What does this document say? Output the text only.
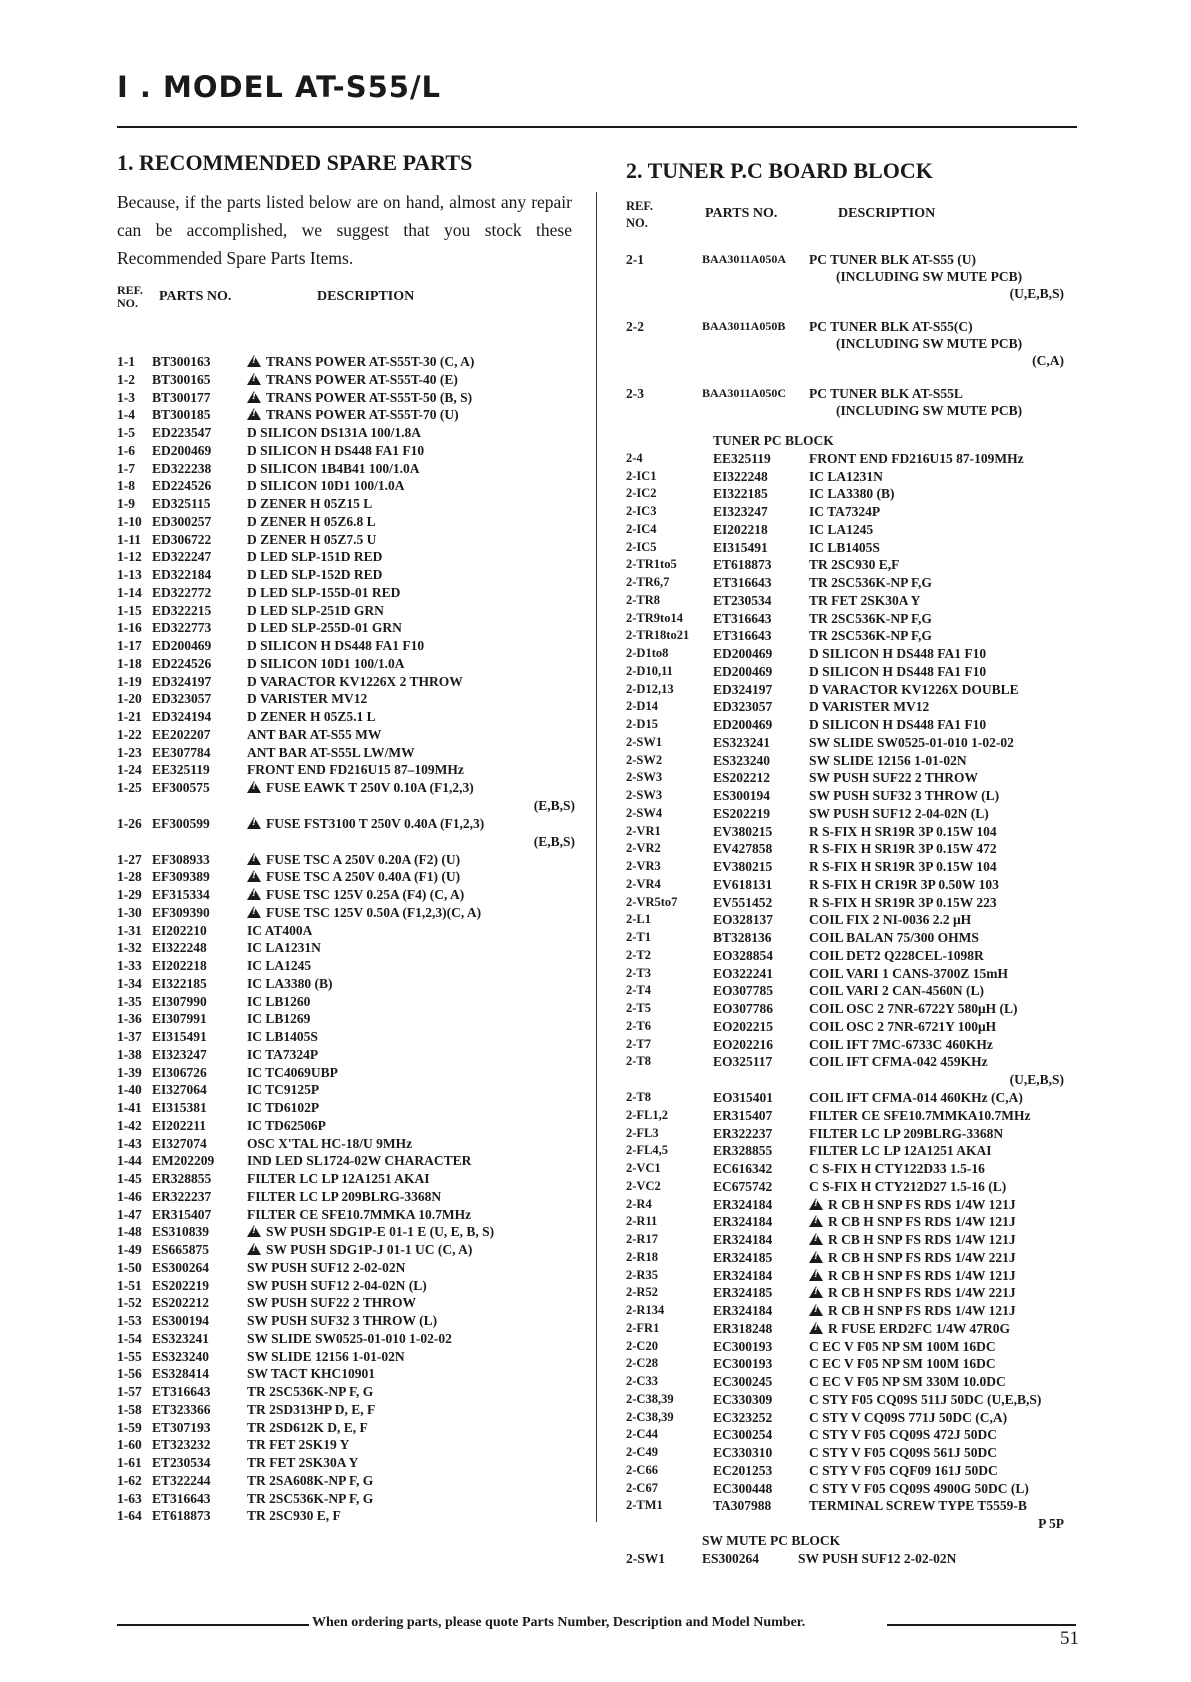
I . MODEL AT-S55/L
1. RECOMMENDED SPARE PARTS

Because, if the parts listed below are on hand, almost any repair can be accomplished, we suggest that you stock these Recommended Spare Parts Items.

REF.
NO. PARTS NO.	DESCRIPTION
1-1 BT300163 !	TRANS POWER AT-S55T-30 (C, A)
1-2 BT300165 !	TRANS POWER AT-S55T-40 (E)
1-3 BT300177 !	TRANS POWER AT-S55T-50 (B, S)
1-4 BT300185 !	TRANS POWER AT-S55T-70 (U)
1-5 ED223547	D SILICON DS131A 100/1.8A
1-6 ED200469	D SILICON H DS448 FA1 F10
1-7 ED322238	D SILICON 1B4B41 100/1.0A
1-8 ED224526	D SILICON 10D1 100/1.0A
1-9 ED325115	D ZENER H 05Z15 L
1-10 ED300257	D ZENER H 05Z6.8 L
1-11 ED306722	D ZENER H 05Z7.5 U
1-12 ED322247	D LED SLP-151D RED
1-13 ED322184	D LED SLP-152D RED
1-14 ED322772	D LED SLP-155D-01 RED
1-15 ED322215	D LED SLP-251D GRN
1-16 ED322773	D LED SLP-255D-01 GRN
1-17 ED200469	D SILICON H DS448 FA1 F10
1-18 ED224526	D SILICON 10D1 100/1.0A
1-19 ED324197	D VARACTOR KV1226X 2 THROW
1-20 ED323057	D VARISTER MV12
1-21 ED324194	D ZENER H 05Z5.1 L
1-22 EE202207	ANT BAR AT-S55 MW
1-23 EE307784	ANT BAR AT-S55L LW/MW
1-24 EE325119	FRONT END FD216U15 87–109MHz
1-25 EF300575 !	FUSE EAWK T 250V 0.10A (F1,2,3)
(E,B,S)
1-26 EF300599 !	FUSE FST3100 T 250V 0.40A (F1,2,3)
(E,B,S)
1-27 EF308933 !	FUSE TSC A 250V 0.20A (F2) (U)
1-28 EF309389 !	FUSE TSC A 250V 0.40A (F1) (U)
1-29 EF315334 !	FUSE TSC 125V 0.25A (F4) (C, A)
1-30 EF309390 !	FUSE TSC 125V 0.50A (F1,2,3)(C, A)
1-31 EI202210	IC AT400A
1-32 EI322248	IC LA1231N
1-33 EI202218	IC LA1245
1-34 EI322185	IC LA3380 (B)
1-35 EI307990	IC LB1260
1-36 EI307991	IC LB1269
1-37 EI315491	IC LB1405S
1-38 EI323247	IC TA7324P
1-39 EI306726	IC TC4069UBP
1-40 EI327064	IC TC9125P
1-41 EI315381	IC TD6102P
1-42 EI202211	IC TD62506P
1-43 EI327074	OSC X'TAL HC-18/U 9MHz
1-44 EM202209 IND LED SL1724-02W CHARACTER
1-45 ER328855	FILTER LC LP 12A1251 AKAI
1-46 ER322237	FILTER LC LP 209BLRG-3368N
1-47 ER315407	FILTER CE SFE10.7MMKA 10.7MHz
1-48 ES310839 !	SW PUSH SDG1P-E 01-1 E (U, E, B, S)
1-49 ES665875 !	SW PUSH SDG1P-J 01-1 UC (C, A)
1-50 ES300264	SW PUSH SUF12 2-02-02N
1-51 ES202219	SW PUSH SUF12 2-04-02N (L)
1-52 ES202212	SW PUSH SUF22 2 THROW
1-53 ES300194	SW PUSH SUF32 3 THROW (L)
1-54 ES323241	SW SLIDE SW0525-01-010 1-02-02
1-55 ES323240	SW SLIDE 12156 1-01-02N
1-56 ES328414	SW TACT KHC10901
1-57 ET316643	TR 2SC536K-NP F, G
1-58 ET323366	TR 2SD313HP D, E, F
1-59 ET307193	TR 2SD612K D, E, F
1-60 ET323232	TR FET 2SK19 Y
1-61 ET230534	TR FET 2SK30A Y
1-62 ET322244	TR 2SA608K-NP F, G
1-63 ET316643	TR 2SC536K-NP F, G
1-64 ET618873	TR 2SC930 E, F
2. TUNER P.C BOARD BLOCK
REF.
NO.
PARTS NO.	DESCRIPTION
2-1	BAA3011A050A PC TUNER BLK AT-S55 (U)
(INCLUDING SW MUTE PCB)
(U,E,B,S)
2-2	BAA3011A050B PC TUNER BLK AT-S55(C)
(INCLUDING SW MUTE PCB)
(C,A)
2-3	BAA3011A050C PC TUNER BLK AT-S55L
(INCLUDING SW MUTE PCB)
TUNER PC BLOCK
2-4	EE325119	FRONT END FD216U15 87-109MHz
2-IC1	EI322248	IC LA1231N
2-IC2	EI322185	IC LA3380 (B)
2-IC3	EI323247	IC TA7324P
2-IC4	EI202218	IC LA1245
2-IC5	EI315491	IC LB1405S
2-TR1to5	ET618873	TR 2SC930 E,F
2-TR6,7	ET316643	TR 2SC536K-NP F,G
2-TR8	ET230534	TR FET 2SK30A Y
2-TR9to14 ET316643	TR 2SC536K-NP F,G
2-TR18to21 ET316643	TR 2SC536K-NP F,G
2-D1to8	ED200469	D SILICON H DS448 FA1 F10
2-D10,11	ED200469	D SILICON H DS448 FA1 F10
2-D12,13	ED324197	D VARACTOR KV1226X DOUBLE
2-D14	ED323057	D VARISTER MV12
2-D15	ED200469	D SILICON H DS448 FA1 F10
2-SW1	ES323241	SW SLIDE SW0525-01-010 1-02-02
2-SW2	ES323240	SW SLIDE 12156 1-01-02N
2-SW3	ES202212	SW PUSH SUF22 2 THROW
2-SW3	ES300194	SW PUSH SUF32 3 THROW (L)
2-SW4	ES202219	SW PUSH SUF12 2-04-02N (L)
2-VR1	EV380215	R S-FIX H SR19R 3P 0.15W 104
2-VR2	EV427858	R S-FIX H SR19R 3P 0.15W 472
2-VR3	EV380215	R S-FIX H SR19R 3P 0.15W 104
2-VR4	EV618131	R S-FIX H CR19R 3P 0.50W 103
2-VR5to7	EV551452	R S-FIX H SR19R 3P 0.15W 223
2-L1	EO328137	COIL FIX 2 NI-0036 2.2 μH
2-T1	BT328136	COIL BALAN 75/300 OHMS
2-T2	EO328854	COIL DET2 Q228CEL-1098R
2-T3	EO322241	COIL VARI 1 CANS-3700Z 15mH
2-T4	EO307785	COIL VARI 2 CAN-4560N (L)
2-T5	EO307786	COIL OSC 2 7NR-6722Y 580μH (L)
2-T6	EO202215	COIL OSC 2 7NR-6721Y 100μH
2-T7	EO202216	COIL IFT 7MC-6733C 460KHz
2-T8	EO325117	COIL IFT CFMA-042 459KHz
(U,E,B,S)
2-T8	EO315401	COIL IFT CFMA-014 460KHz (C,A)
2-FL1,2	ER315407	FILTER CE SFE10.7MMKA10.7MHz
2-FL3	ER322237	FILTER LC LP 209BLRG-3368N
2-FL4,5	ER328855	FILTER LC LP 12A1251 AKAI
2-VC1	EC616342	C S-FIX H CTY122D33 1.5-16
2-VC2	EC675742	C S-FIX H CTY212D27 1.5-16 (L)
2-R4	ER324184 !	R CB H SNP FS RDS 1/4W 121J
2-R11	ER324184 !	R CB H SNP FS RDS 1/4W 121J
2-R17	ER324184 !	R CB H SNP FS RDS 1/4W 121J
2-R18	ER324185 !	R CB H SNP FS RDS 1/4W 221J
2-R35	ER324184 !	R CB H SNP FS RDS 1/4W 121J
2-R52	ER324185 !	R CB H SNP FS RDS 1/4W 221J
2-R134	ER324184 !	R CB H SNP FS RDS 1/4W 121J
2-FR1	ER318248 !	R FUSE ERD2FC 1/4W 47R0G
2-C20	EC300193	C EC V F05 NP SM 100M 16DC
2-C28	EC300193	C EC V F05 NP SM 100M 16DC
2-C33	EC300245	C EC V F05 NP SM 330M 10.0DC
2-C38,39	EC330309	C STY F05 CQ09S 511J 50DC (U,E,B,S)
2-C38,39	EC323252	C STY V CQ09S 771J 50DC (C,A)
2-C44	EC300254	C STY V F05 CQ09S 472J 50DC
2-C49	EC330310	C STY V F05 CQ09S 561J 50DC
2-C66	EC201253	C STY V F05 CQF09 161J 50DC
2-C67	EC300448	C STY V F05 CQ09S 4900G 50DC (L)
2-TM1	TA307988	TERMINAL SCREW TYPE T5559-B
P 5P
SW MUTE PC BLOCK
2-SW1	ES300264	SW PUSH SUF12 2-02-02N
When ordering parts, please quote Parts Number, Description and Model Number.
51
